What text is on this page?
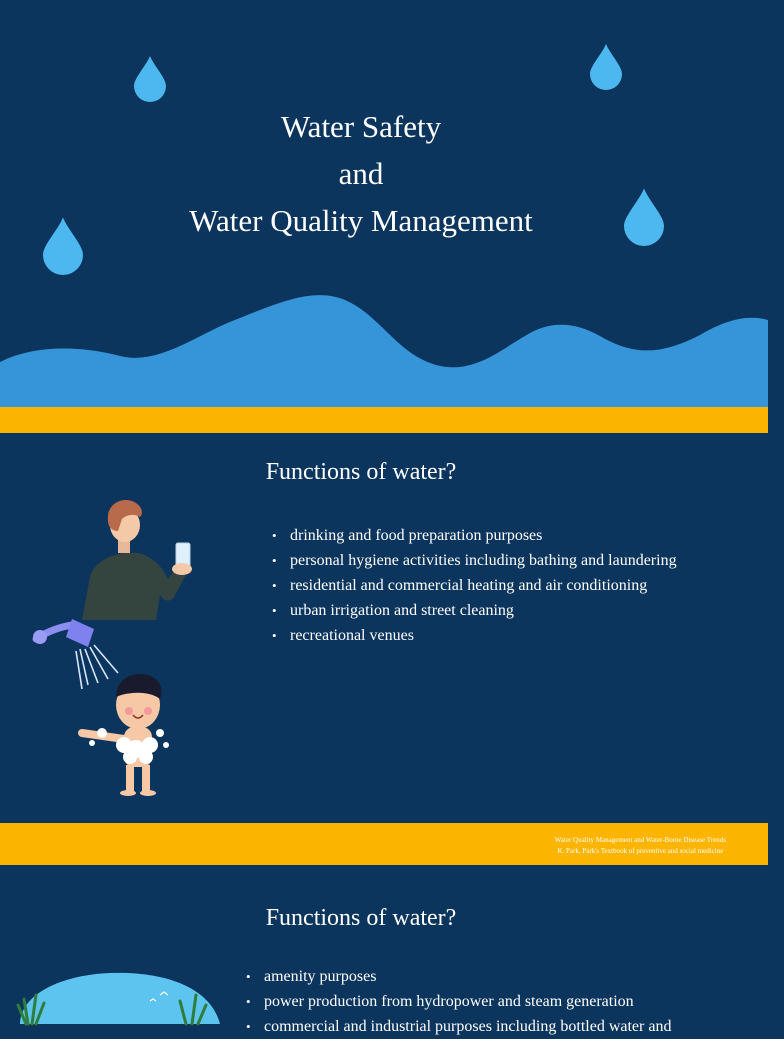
Water Safety
and
Water Quality Management
Functions of water?
• drinking and food preparation purposes
• personal hygiene activities including bathing and laundering
• residential and commercial heating and air conditioning
• urban irrigation and street cleaning
• recreational venues
Water Quality Management and Water-Borne Disease Trends
K. Park, Park's Textbook of preventive and social medicine
Functions of water?
• amenity purposes
• power production from hydropower and steam generation
• commercial and industrial purposes including bottled water and
